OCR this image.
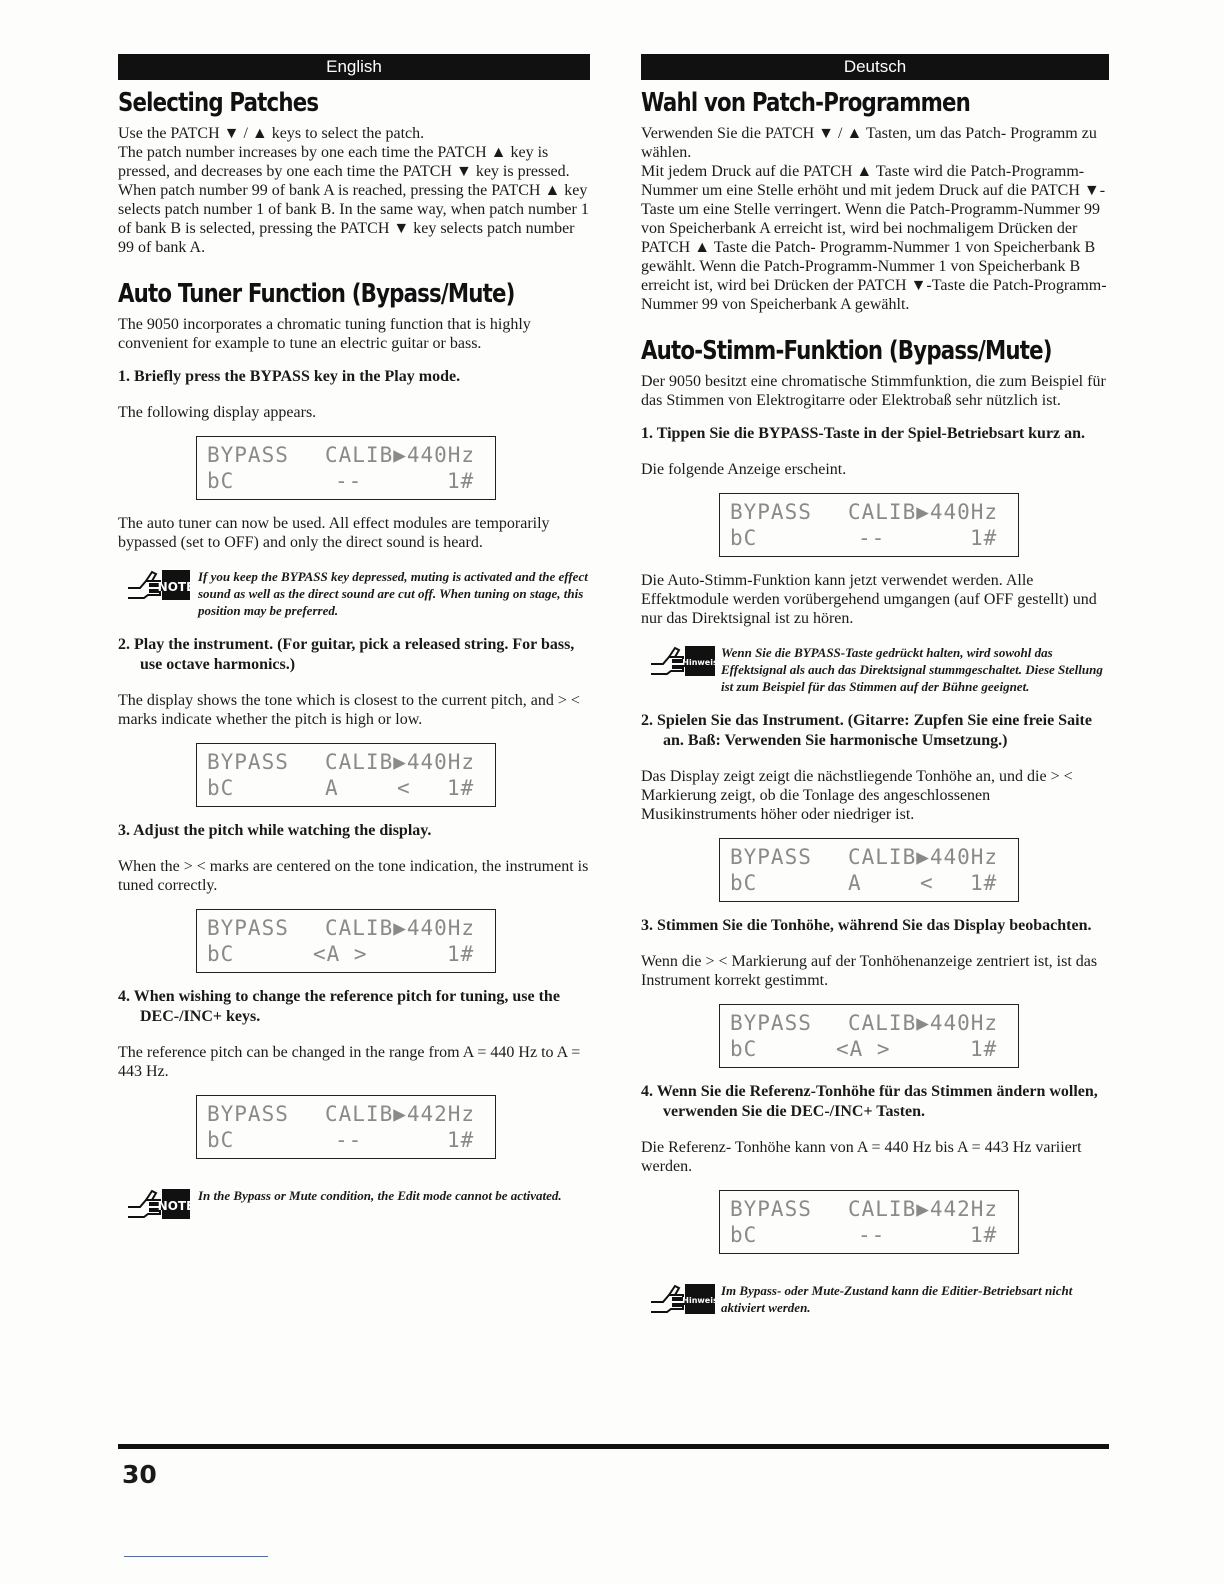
English
Selecting Patches

Use the PATCH ▼ / ▲ keys to select the patch.
The patch number increases by one each time the PATCH ▲ key is pressed, and decreases by one each time the PATCH ▼ key is pressed. When patch number 99 of bank A is reached, pressing the PATCH ▲ key selects patch number 1 of bank B. In the same way, when patch number 1 of bank B is selected, pressing the PATCH ▼ key selects patch number 99 of bank A.

Auto Tuner Function (Bypass/Mute)

The 9050 incorporates a chromatic tuning function that is highly convenient for example to tune an electric guitar or bass.

1. Briefly press the BYPASS key in the Play mode.

The following display appears.

BYPASS CALIB▶440Hz
bC	--	1#

The auto tuner can now be used. All effect modules are temporarily bypassed (set to OFF) and only the direct sound is heard.

NOTE
If you keep the BYPASS key depressed, muting is activated and the effect sound as well as the direct sound are cut off. When tuning on stage, this position may be preferred.
2. Play the instrument. (For guitar, pick a released string. For bass, use octave harmonics.)

The display shows the tone which is closest to the current pitch, and > < marks indicate whether the pitch is high or low.

BYPASS CALIB▶440Hz
bC	A	< 1#
3. Adjust the pitch while watching the display.

When the > < marks are centered on the tone indication, the instrument is tuned correctly.

BYPASS CALIB▶440Hz
bC	<A >	1#
4. When wishing to change the reference pitch for tuning, use the DEC-/INC+ keys.

The reference pitch can be changed in the range from A = 440 Hz to A = 443 Hz.

BYPASS CALIB▶442Hz
bC	--	1#
NOTE
In the Bypass or Mute condition, the Edit mode cannot be activated.
Deutsch
Wahl von Patch-Programmen

Verwenden Sie die PATCH ▼ / ▲ Tasten, um das Patch- Programm zu wählen.
Mit jedem Druck auf die PATCH ▲ Taste wird die Patch-Programm-Nummer um eine Stelle erhöht und mit jedem Druck auf die PATCH ▼-Taste um eine Stelle verringert. Wenn die Patch-Programm-Nummer 99 von Speicherbank A erreicht ist, wird bei nochmaligem Drücken der PATCH ▲ Taste die Patch- Programm-Nummer 1 von Speicherbank B gewählt. Wenn die Patch-Programm-Nummer 1 von Speicherbank B erreicht ist, wird bei Drücken der PATCH ▼-Taste die Patch-Programm- Nummer 99 von Speicherbank A gewählt.

Auto-Stimm-Funktion (Bypass/Mute)

Der 9050 besitzt eine chromatische Stimmfunktion, die zum Beispiel für das Stimmen von Elektrogitarre oder Elektrobaß sehr nützlich ist.

1. Tippen Sie die BYPASS-Taste in der Spiel-Betriebsart kurz an.

Die folgende Anzeige erscheint.

BYPASS CALIB▶440Hz
bC	--	1#

Die Auto-Stimm-Funktion kann jetzt verwendet werden. Alle Effektmodule werden vorübergehend umgangen (auf OFF gestellt) und nur das Direktsignal ist zu hören.

Hinweis
Wenn Sie die BYPASS-Taste gedrückt halten, wird sowohl das Effektsignal als auch das Direktsignal stummgeschaltet. Diese Stellung ist zum Beispiel für das Stimmen auf der Bühne geeignet.
2. Spielen Sie das Instrument. (Gitarre: Zupfen Sie eine freie Saite an. Baß: Verwenden Sie harmonische Umsetzung.)

Das Display zeigt zeigt die nächstliegende Tonhöhe an, und die > < Markierung zeigt, ob die Tonlage des angeschlossenen Musikinstruments höher oder niedriger ist.

BYPASS CALIB▶440Hz
bC	A	< 1#
3. Stimmen Sie die Tonhöhe, während Sie das Display beobachten.

Wenn die > < Markierung auf der Tonhöhenanzeige zentriert ist, ist das Instrument korrekt gestimmt.

BYPASS CALIB▶440Hz
bC	<A >	1#
4. Wenn Sie die Referenz-Tonhöhe für das Stimmen ändern wollen, verwenden Sie die DEC-/INC+ Tasten.

Die Referenz- Tonhöhe kann von A = 440 Hz bis A = 443 Hz variiert werden.

BYPASS CALIB▶442Hz
bC	--	1#
Hinweis
Im Bypass- oder Mute-Zustand kann die Editier-Betriebsart nicht aktiviert werden.
30
